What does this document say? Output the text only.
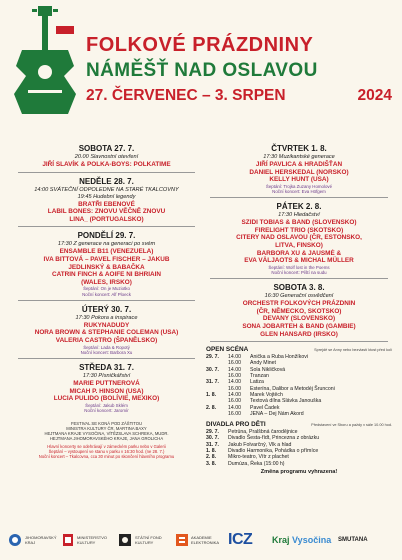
FOLKOVÉ PRÁZDNINY
NÁMĚŠŤ NAD OSLAVOU
27. ČERVENEC – 3. SRPEN	2024
SOBOTA 27. 7.
20.00 Slavnostní otevření
JIŘÍ SLAVÍK & POLKA-BOYS: POLKATIME
NEDĚLE 28. 7.
14:00 SVÁTEČNÍ ODPOLEDNE NA STARÉ TKALCOVNY
19:45 Hudební legendy
BRATŘI EBENOVÉ
LABIL BONES: ZNOVU VĚČNĚ ZNOVU
LINA_ (PORTUGALSKO)
PONDĚLÍ 29. 7.
17:30 Z generace na generaci po svém
ENSAMBLE B11 (VENEZUELA)
IVA BITTOVÁ – PAVEL FISCHER – JAKUB
JEDLINSKÝ & BABAČKA
CATRIN FINCH & AOIFE NI BHRIAIN
(WALES, IRSKO)
Šeptání: On je Muziotko
Noční koncert: Alf Ploeck
ÚTERÝ 30. 7.
17:30 Pokora a inspirace
RUKYNADUDY
NORA BROWN & STEPHANIE COLEMAN (USA)
VALERIA CASTRO (ŠPANĚLSKO)
Šeptání: Lada & Ropotý
Noční koncert: Barbora Xu
STŘEDA 31. 7.
17:30 Písničkářství
MARIE PUTTNEROVÁ
MICAH P. HINSON (USA)
LUCIA PULIDO (BOLÍVIE, MEXIKO)
Šeptání: Jakub Sklém
Noční koncert: Jaromír
FESTIVAL SE KONÁ POD ZÁŠTITOU
MINISTRA KULTURY ČR, MARTINA BAXY
HEJTMANA KRAJE VYSOČINA, VÍTĚZSLAVA SCHREKA, MUDR.
HEJTMANA JIHOMORAVSKÉHO KRAJE, JANA GROLICHA
Hlavní koncerty se odehrávají v zámeckém parku nebo v Galerii
Šeptání – vystoupení ve stanu v parku v 16:30 hod. (ne 28. 7.)
Noční koncert – Tkalcovna, cca 30 minut po skončení hlavního programu
ČTVRTEK 1. 8.
17:30 Muzikantské generace
JIŘÍ PAVLICA & HRADIŠŤAN
DANIEL HERSKEDAL (NORSKO)
KELLY HUNT (USA)
Šeptání: Trojka Zuzany Homolové
Noční koncert: Eva Höfgem
PÁTEK 2. 8.
17:30 Hledačství
SZIDI TOBIAS & BAND (SLOVENSKO)
FIRELIGHT TRIO (SKOTSKO)
CITERY NAD OSLAVOU (ČR, ESTONSKO,
LITVA, FINSKO)
BARBORA XU & JAUSMĖ &
EVA VÄLJAOTS & MICHAL MÜLLER
Šeptání: Wolf lost in the Poems
Noční koncert: Píští na sudu
SOBOTA 3. 8.
16:30 Generační osvědčení
ORCHESTR FOLKOVÝCH PRÁZDNIN
(ČR, NĚMECKO, SKOTSKO)
DEVANY (SLOVENSKO)
SONA JOBARTEH & BAND (GAMBIE)
GLEN HANSARD (IRSKO)
OPEN SCÉNA	Sprejdě se Anny nebo bezvlastí ktost před kolí
29. 7.	14.00	Anička a Ruba Honžíkovi
16.00	Andy Minet
30. 7.	14.00	Sola Nikličková
16.00	Tranzan
31. 7.	14.00	Latiza
16.00	Esterína, Dalibor a Metodéj Šrunconi
1. 8.	14.00	Marek Vojtěch
16.00	Textová dílna Slávka Janouška
2. 8.	14.00	Pavel Čadek
16.00	JENA – Dej Nám Akord
DIVADLA PRO DĚTI	Představení ve Sboru a paždy v sále 10.00 hod.
29. 7.	Petrüna, Pralšbná čarodějnice
30. 7.	Divadlo Šesta-řídt, Princezna z obrázku
31. 7.	Jakub Folvarčný, Vlk a hlad
1. 8.	Divadlo Harmonika, Pohádka o přímíce
2. 8.	Mikro-teatro, Vítr z plachet
3. 8.	Dumúza, Řeka (15:00 h)
Změna programu vyhrazena!
JIHOMORAVSKÝ KRAJ
MINISTERSTVO KULTURY
STÁTNÍ FOND KULTURY
AKADEMIE ELEKTRONIKA ICZ Kraj Vysočina SMUTANA
